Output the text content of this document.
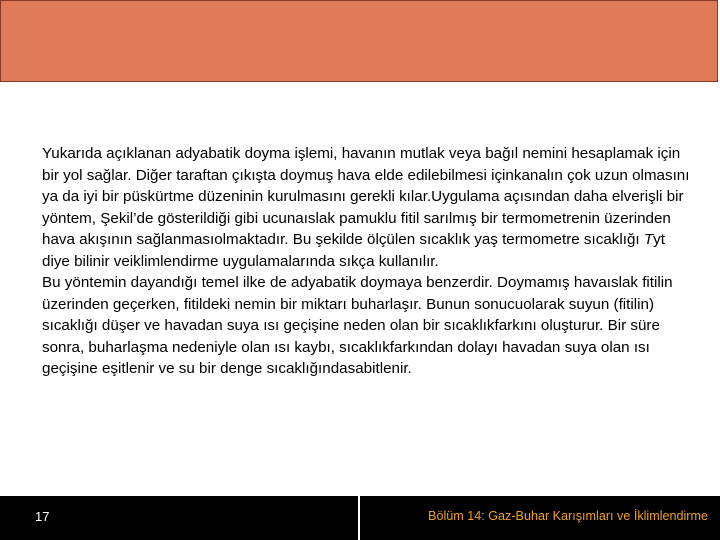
Yukarıda açıklanan adyabatik doyma işlemi, havanın mutlak veya bağıl nemini hesaplamak için bir yol sağlar. Diğer taraftan çıkışta doymuş hava elde edilebilmesi içinkanalın çok uzun olmasını ya da iyi bir püskürtme düzeninin kurulmasını gerekli kılar.Uygulama açısından daha elverişli bir yöntem, Şekil’de gösterildiği gibi ucunaıslak pamuklu fitil sarılmış bir termometrenin üzerinden hava akışının sağlanmasıolmaktadır. Bu şekilde ölçülen sıcaklık yaş termometre sıcaklığı Tyt diye bilinir veiklimlendirme uygulamalarında sıkça kullanılır.

Bu yöntemin dayandığı temel ilke de adyabatik doymaya benzerdir. Doymamış havaıslak fitilin üzerinden geçerken, fitildeki nemin bir miktarı buharlaşır. Bunun sonucuolarak suyun (fitilin) sıcaklığı düşer ve havadan suya ısı geçişine neden olan bir sıcaklıkfarkını oluşturur. Bir süre sonra, buharlaşma nedeniyle olan ısı kaybı, sıcaklıkfarkından dolayı havadan suya olan ısı geçişine eşitlenir ve su bir denge sıcaklığındasabitlenir.

17	Bölüm 14: Gaz-Buhar Karışımları ve İklimlendirme
